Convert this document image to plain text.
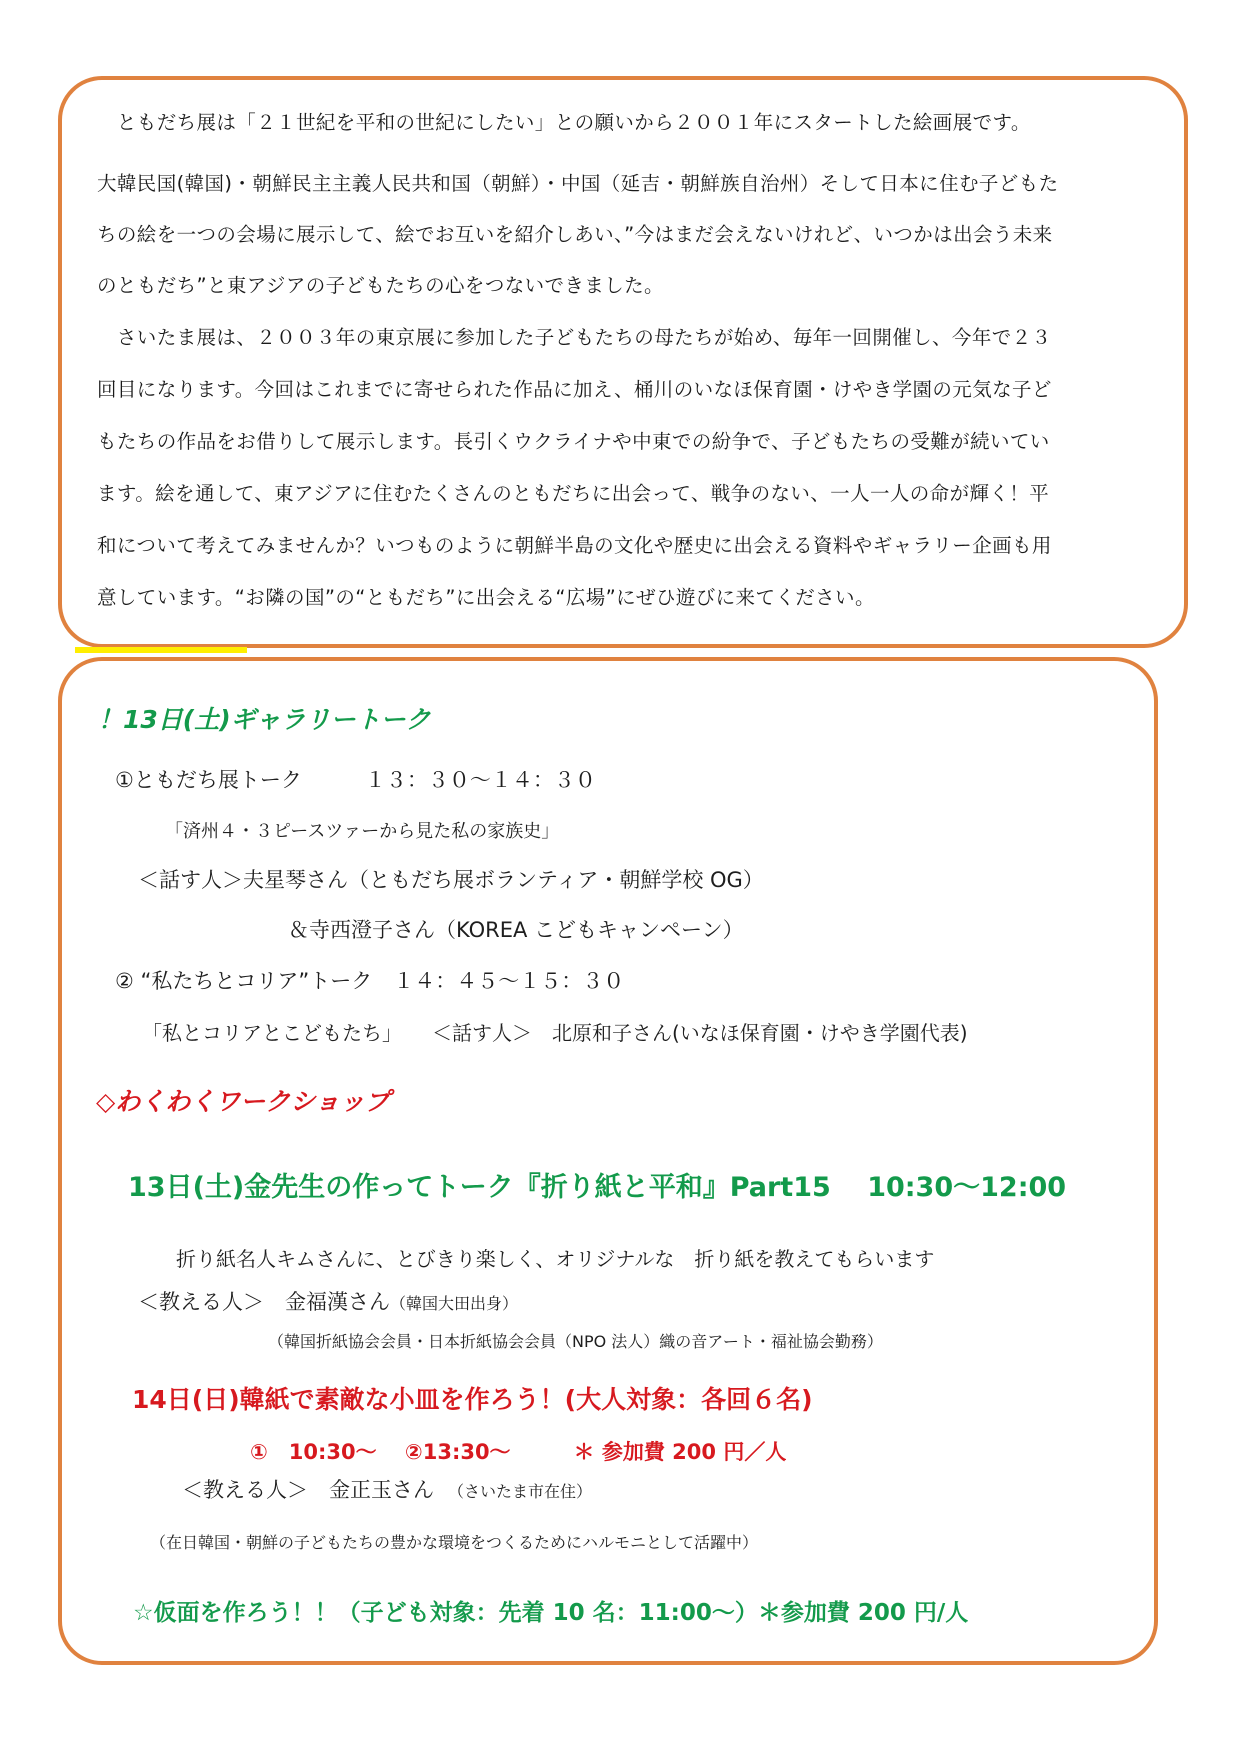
　ともだち展は「２１世紀を平和の世紀にしたい」との願いから２００１年にスタートした絵画展です。
大韓民国(韓国)・朝鮮民主主義人民共和国（朝鮮）・中国（延吉・朝鮮族自治州）そして日本に住む子どもた
ちの絵を一つの会場に展示して、絵でお互いを紹介しあい、”今はまだ会えないけれど、いつかは出会う未来
のともだち”と東アジアの子どもたちの心をつないできました。
　さいたま展は、２００３年の東京展に参加した子どもたちの母たちが始め、毎年一回開催し、今年で２３
回目になります。今回はこれまでに寄せられた作品に加え、桶川のいなほ保育園・けやき学園の元気な子ど
もたちの作品をお借りして展示します。長引くウクライナや中東での紛争で、子どもたちの受難が続いてい
ます。絵を通して、東アジアに住むたくさんのともだちに出会って、戦争のない、一人一人の命が輝く！平
和について考えてみませんか？いつものように朝鮮半島の文化や歴史に出会える資料やギャラリー企画も用
意しています。“お隣の国”の“ともだち”に出会える“広場”にぜひ遊びに来てください。
！13日(土)ギャラリートーク
①ともだち展トーク　　　１３：３０～１４：３０
「済州４・３ピースツァーから見た私の家族史」
＜話す人＞夫星琴さん（ともだち展ボランティア・朝鮮学校 OG）
＆寺西澄子さん（KOREA こどもキャンペーン）
② “私たちとコリア”トーク　１４：４５～１５：３０
「私とコリアとこどもたち」　　＜話す人＞　北原和子さん(いなほ保育園・けやき学園代表)
◇わくわくワークショップ
13日(土)金先生の作ってトーク『折り紙と平和』Part15　 10:30～12:00
折り紙名人キムさんに、とびきり楽しく、オリジナルな　折り紙を教えてもらいます
＜教える人＞　金福漢さん（韓国大田出身）
（韓国折紙協会会員・日本折紙協会会員（NPO 法人）織の音アート・福祉協会勤務）
14日(日)韓紙で素敵な小皿を作ろう！(大人対象：各回６名)
①　10:30～　 ②13:30～　　　＊ 参加費 200 円／人
＜教える人＞　金正玉さん （さいたま市在住）
（在日韓国・朝鮮の子どもたちの豊かな環境をつくるためにハルモニとして活躍中）
☆仮面を作ろう！！（子ども対象：先着 10 名：11:00～）＊参加費 200 円/人
